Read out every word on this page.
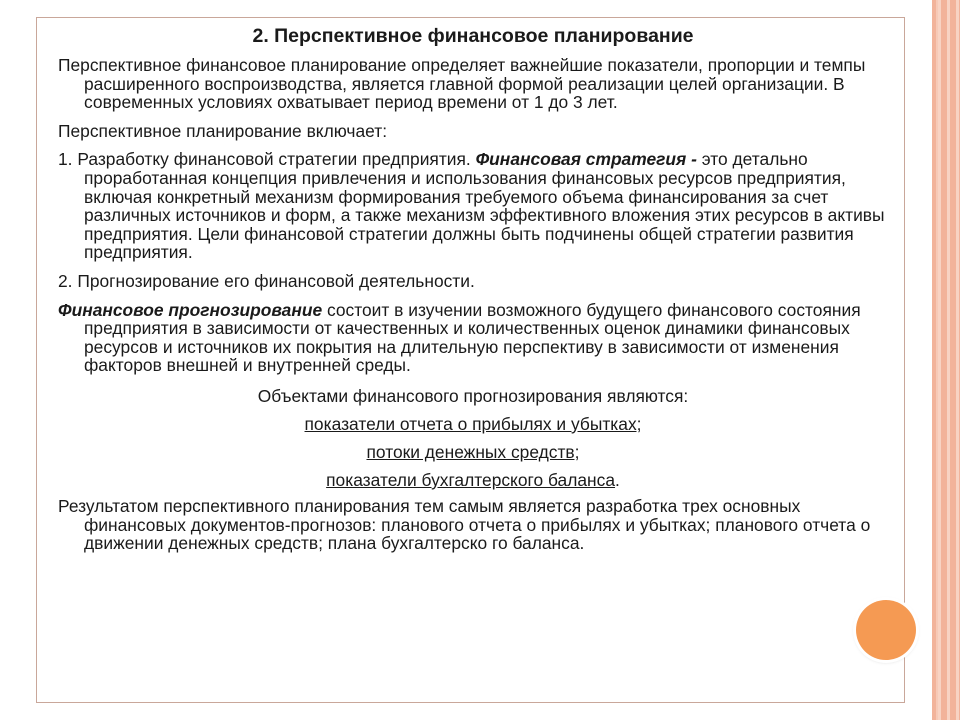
2. Перспективное финансовое планирование

Перспективное финансовое планирование определяет важнейшие показатели, пропорции и темпы расширенного воспроизводства, является главной формой реализации целей организации. В современных условиях охватывает период времени от 1 до 3 лет.

Перспективное планирование включает:

1. Разработку финансовой стратегии предприятия. Финансовая стратегия - это детально проработанная концепция привлечения и использования финансовых ресурсов предприятия, включая конкретный механизм формирования требуемого объема финансирования за счет различных источников и форм, а также механизм эффективного вложения этих ресурсов в активы предприятия. Цели финансовой стратегии должны быть подчинены общей стратегии развития предприятия.

2. Прогнозирование его финансовой деятельности.

Финансовое прогнозирование состоит в изучении возможного будущего финансового состояния предприятия в зависимости от качественных и количественных оценок динамики финансовых ресурсов и источников их покрытия на длительную перспективу в зависимости от изменения факторов внешней и внутренней среды.

Объектами финансового прогнозирования являются:
показатели отчета о прибылях и убытках;
потоки денежных средств;
показатели бухгалтерского баланса.

Результатом перспективного планирования тем самым является разработка трех основных финансовых документов-прогнозов: планового отчета о прибылях и убытках; планового отчета о движении денежных средств; плана бухгалтерско го баланса.
